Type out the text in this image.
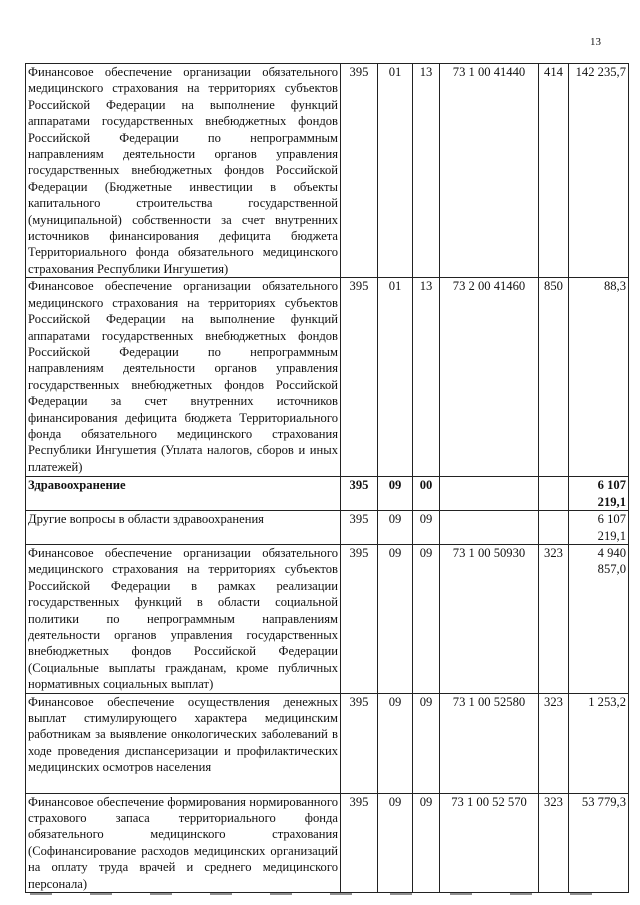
13
Финансовое обеспечение организации обязательного медицинского страхования на территориях субъектов Российской Федерации на выполнение функций аппаратами государственных внебюджетных фондов Российской Федерации по непрограммным направлениям деятельности органов управления государственных внебюджетных фондов Российской Федерации (Бюджетные инвестиции в объекты капитального строительства государственной (муниципальной) собственности за счет внутренних источников финансирования дефицита бюджета Территориального фонда обязательного медицинского страхования Республики Ингушетия)	395	01	13	73 1 00 41440	414	142 235,7

Финансовое обеспечение организации обязательного медицинского страхования на территориях субъектов Российской Федерации на выполнение функций аппаратами государственных внебюджетных фондов Российской Федерации по непрограммным направлениям деятельности органов управления государственных внебюджетных фондов Российской Федерации за счет внутренних источников финансирования дефицита бюджета Территориального фонда обязательного медицинского страхования Республики Ингушетия (Уплата налогов, сборов и иных платежей)	395	01	13	73 2 00 41460	850	88,3

Здравоохранение	395	09	00			6 107 219,1

Другие вопросы в области здравоохранения	395	09	09			6 107 219,1

Финансовое обеспечение организации обязательного медицинского страхования на территориях субъектов Российской Федерации в рамках реализации государственных функций в области социальной политики по непрограммным направлениям деятельности органов управления государственных внебюджетных фондов Российской Федерации (Социальные выплаты гражданам, кроме публичных нормативных социальных выплат)	395	09	09	73 1 00 50930	323	4 940 857,0

Финансовое обеспечение осуществления денежных выплат стимулирующего характера медицинским работникам за выявление онкологических заболеваний в ходе проведения диспансеризации и профилактических медицинских осмотров населения	395	09	09	73 1 00 52580	323	1 253,2

Финансовое обеспечение формирования нормированного страхового запаса территориального фонда обязательного медицинского страхования (Софинансирование расходов медицинских организаций на оплату труда врачей и среднего медицинского персонала)	395	09	09	73 1 00 52 570	323	53 779,3
